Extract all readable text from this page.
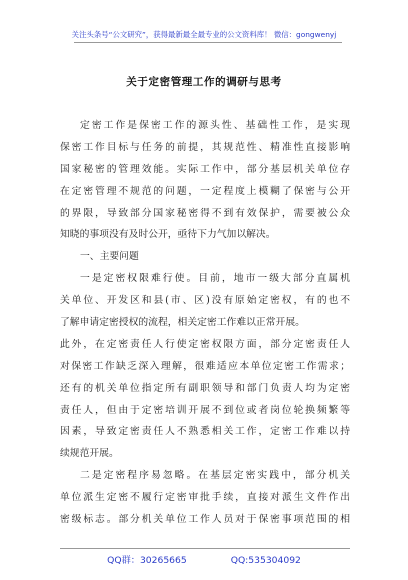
关注头条号“公文研究”，获得最新最全最专业的公文资料库！ 微信：gongwenyj
关于定密管理工作的调研与思考
定密工作是保密工作的源头性、基础性工作，是实现
保密工作目标与任务的前提，其规范性、精准性直接影响
国家秘密的管理效能。实际工作中，部分基层机关单位存
在定密管理不规范的问题，一定程度上模糊了保密与公开
的界限，导致部分国家秘密得不到有效保护，需要被公众
知晓的事项没有及时公开，亟待下力气加以解决。
一、主要问题
一是定密权限难行使。目前，地市一级大部分直属机
关单位、开发区和县(市、区)没有原始定密权，有的也不
了解申请定密授权的流程，相关定密工作难以正常开展。
此外，在定密责任人行使定密权限方面，部分定密责任人
对保密工作缺乏深入理解，很难适应本单位定密工作需求；
还有的机关单位指定所有副职领导和部门负责人均为定密
责任人，但由于定密培训开展不到位或者岗位轮换频繁等
因素，导致定密责任人不熟悉相关工作，定密工作难以持
续规范开展。
二是定密程序易忽略。在基层定密实践中，部分机关
单位派生定密不履行定密审批手续，直接对派生文件作出
密级标志。部分机关单位工作人员对于保密事项范围的相
QQ群：30265665	QQ:535304092
